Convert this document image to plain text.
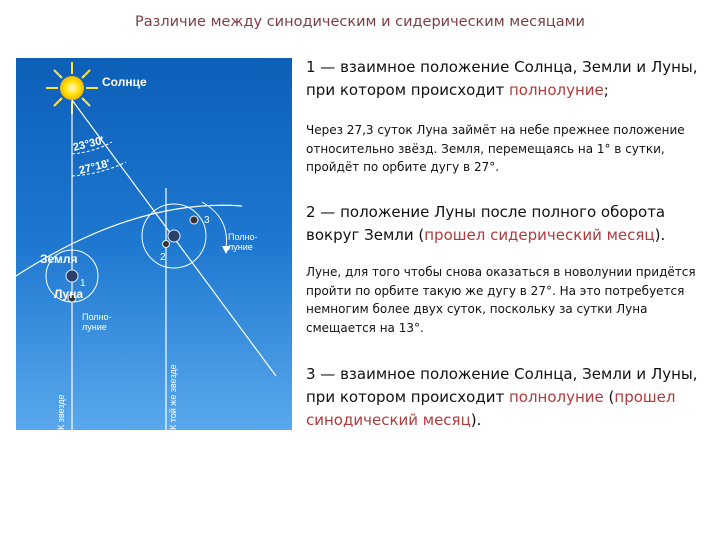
Различие между синодическим и сидерическим месяцами
Солнце
23°30'
27°18'
1
2
3
Земля
Луна
Полно-
луние
Полно-
луние
К звезде	К той же звезде

1 — взаимное положение Солнца, Земли и Луны, при котором происходит полнолуние;

Через 27,3 суток Луна займёт на небе прежнее положение относительно звёзд. Земля, перемещаясь на 1° в сутки, пройдёт по орбите дугу в 27°.

2 — положение Луны после полного оборота вокруг Земли (прошел сидерический месяц).

Луне, для того чтобы снова оказаться в новолунии придётся пройти по орбите такую же дугу в 27°. На это потребуется немногим более двух суток, поскольку за сутки Луна смещается на 13°.

3 — взаимное положение Солнца, Земли и Луны, при котором происходит полнолуние (прошел синодический месяц).
